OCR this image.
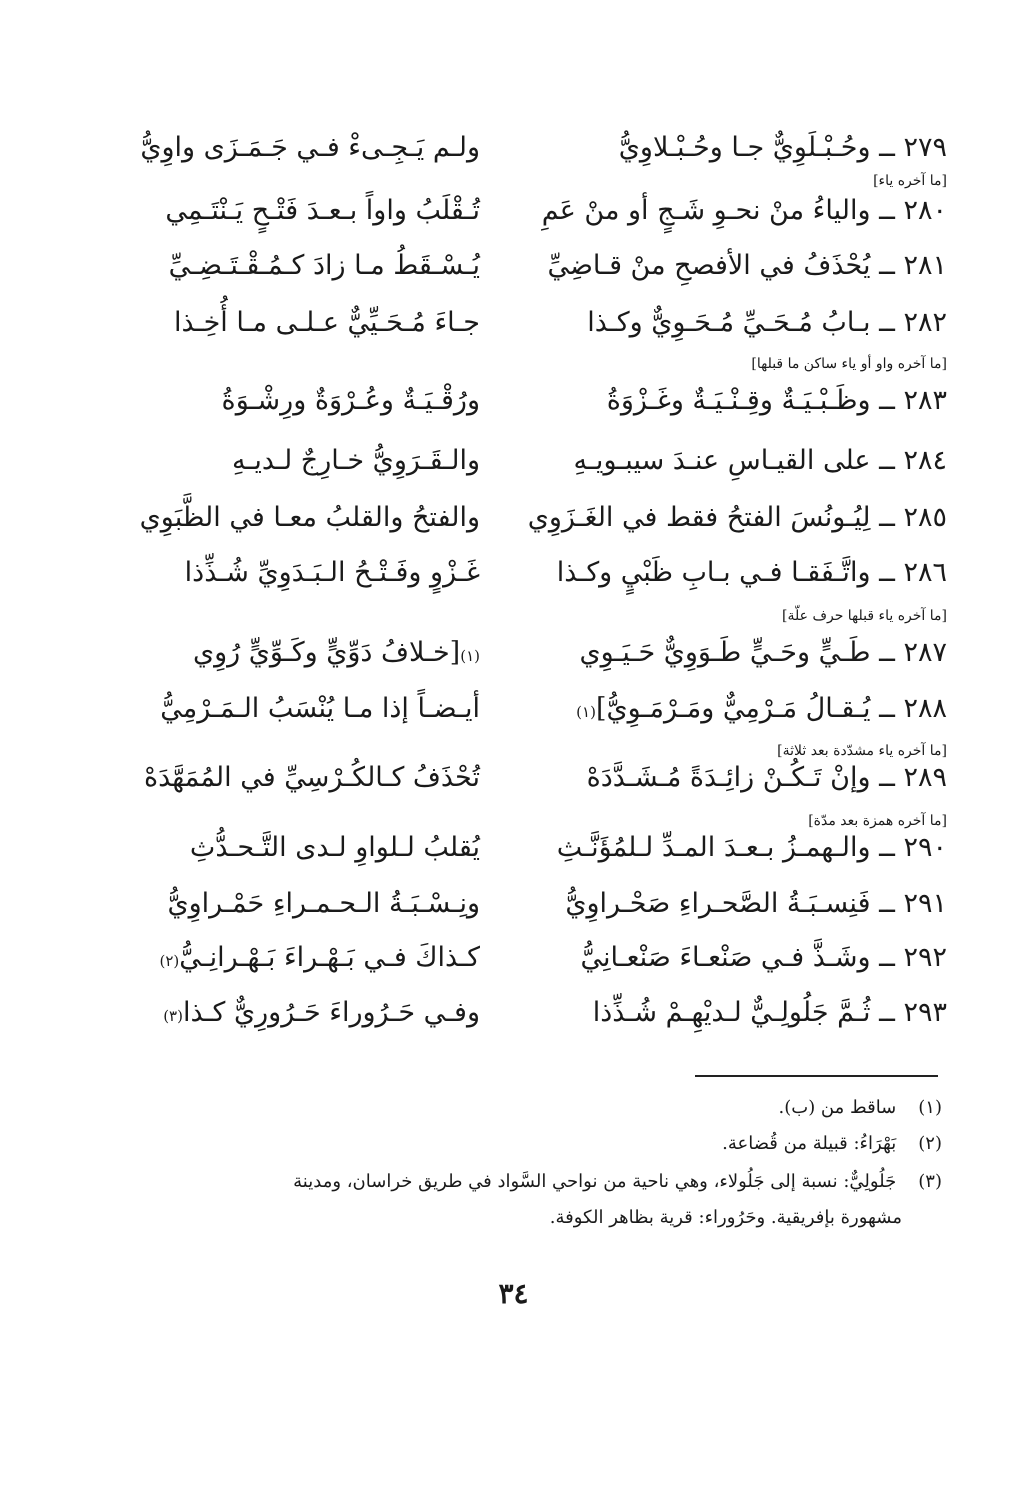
٢٧٩ ــ وحُـبْـلَوِيٌّ جـا وحُـبْـلاوِيُّ
ولـم يَـجِـىءْ فـي جَـمَـزَى واوِيُّ
[ما آخره ياء]
٢٨٠ ــ والياءُ منْ نحـوِ شَـجٍ أو منْ عَمِ
تُـقْلَبُ واواً بـعـدَ فَتْـحٍ يَـنْتَـمِي
٢٨١ ــ يُحْذَفُ في الأفصحِ منْ قـاضِيِّ
يُـسْـقَطُ مـا زادَ كـمُـقْـتَـضِـيِّ
٢٨٢ ــ بـابُ مُـحَـيِّ مُـحَـوِيٌّ وكـذا
جـاءَ مُـحَـيِّيٌّ عـلـى مـا أُخِـذا
[ما آخره واو أو ياء ساكن ما قبلها]
٢٨٣ ــ وظَـبْـيَـةٌ وقِـنْـيَـةٌ وغَـزْوَةُ
ورُقْـيَـةٌ وعُـرْوَةٌ ورِشْـوَةُ
٢٨٤ ــ على القيـاسِ عنـدَ سيبـويـهِ
والـقَـرَوِيُّ خـارِجٌ لـديـهِ
٢٨٥ ــ لِيُـونُسَ الفتحُ فقط في الغَـزَوِي
والفتحُ والقلبُ معـا في الظَّبَوِي
٢٨٦ ــ واتَّـفَقـا فـي بـابِ ظَبْيٍ وكـذا
غَـزْوٍ وفَـتْـحُ الـبَـدَوِيِّ شُـذِّذا
[ما آخره ياء قبلها حرف علّة]
٢٨٧ ــ طَـيٍّ وحَـيٍّ طَـوَوِيٌّ حَـيَـوِي
(١)[خـلافُ دَوِّيٍّ وكَـوِّيٍّ رُوِي
٢٨٨ ــ يُـقـالُ مَـرْمِيٌّ ومَـرْمَـوِيُّ](١)
أيـضـاً إذا مـا يُنْسَبُ الـمَـرْمِيُّ
[ما آخره ياء مشدّدة بعد ثلاثة]
٢٨٩ ــ وإنْ تَـكُـنْ زائِـدَةً مُـشَـدَّدَهْ
تُحْذَفُ كـالكُـرْسِيِّ في المُمَهَّدَهْ
[ما آخره همزة بعد مدّة]
٢٩٠ ــ والـهمـزُ بـعـدَ المـدِّ لـلمُؤَنَّـثِ
يُقلبُ لـلواوِ لـدى التَّـحـدُّثِ
٢٩١ ــ فَنِسـبَـةُ الصَّحـراءِ صَحْـراوِيُّ
ونِـسْـبَـةُ الـحـمـراءِ حَمْـراوِيُّ
٢٩٢ ــ وشَـذَّ فـي صَنْعـاءَ صَنْعـانِيُّ
كـذاكَ فـي بَـهْـراءَ بَـهْـرانِـيُّ(٢)
٢٩٣ ــ ثُـمَّ جَلُولِـيٌّ لـديْهِـمْ شُـذِّذا
وفـي حَـرُوراءَ حَـرُورِيٌّ كـذا(٣)
(١) ساقط من (ب).
(٢) بَهْرَاءُ: قبيلة من قُضاعة.
(٣) جَلُولِيٌّ: نسبة إلى جَلُولاء، وهي ناحية من نواحي السَّواد في طريق خراسان، ومدينة
مشهورة بإفريقية. وحَرُوراء: قرية بظاهر الكوفة.
٣٤
